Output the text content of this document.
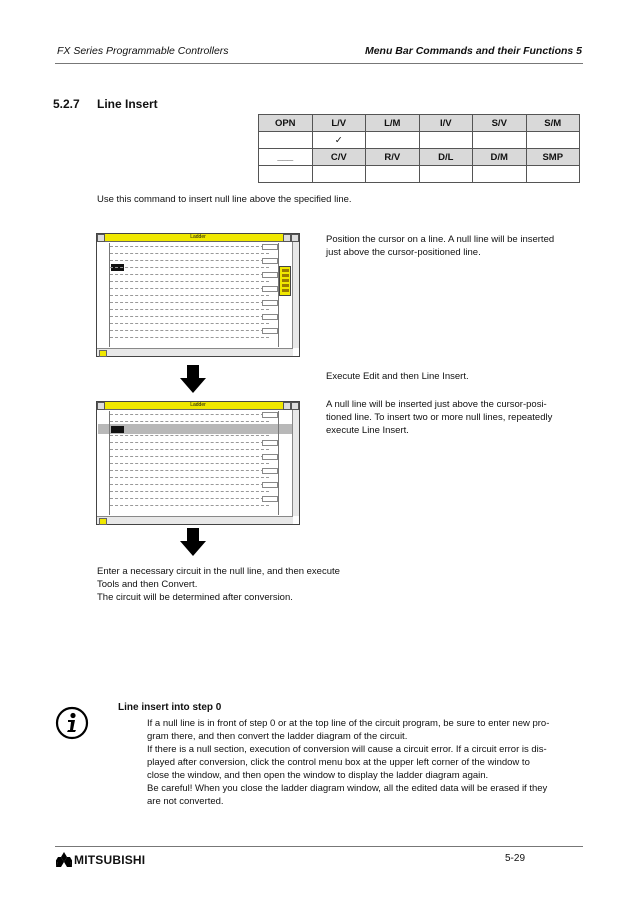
FX Series Programmable Controllers	Menu Bar Commands and their Functions 5
5.2.7 Line Insert
OPN	L/V	L/M	I/V	S/V	S/M
	✓				
___	C/V	R/V	D/L	D/M	SMP

Use this command to insert null line above the specified line.
Ladder	Position the cursor on a line. A null line will be inserted
just above the cursor-positioned line.
Execute Edit and then Line Insert.
Ladder	A null line will be inserted just above the cursor-posi-
tioned line. To insert two or more null lines, repeatedly
execute Line Insert.
Enter a necessary circuit in the null line, and then execute
Tools and then Convert.
The circuit will be determined after conversion.
Line insert into step 0
If a null line is in front of step 0 or at the top line of the circuit program, be sure to enter new pro-
gram there, and then convert the ladder diagram of the circuit.
If there is a null section, execution of conversion will cause a circuit error. If a circuit error is dis-
played after conversion, click the control menu box at the upper left corner of the window to
close the window, and then open the window to display the ladder diagram again.
Be careful! When you close the ladder diagram window, all the edited data will be erased if they
are not converted.
MITSUBISHI	5-29
